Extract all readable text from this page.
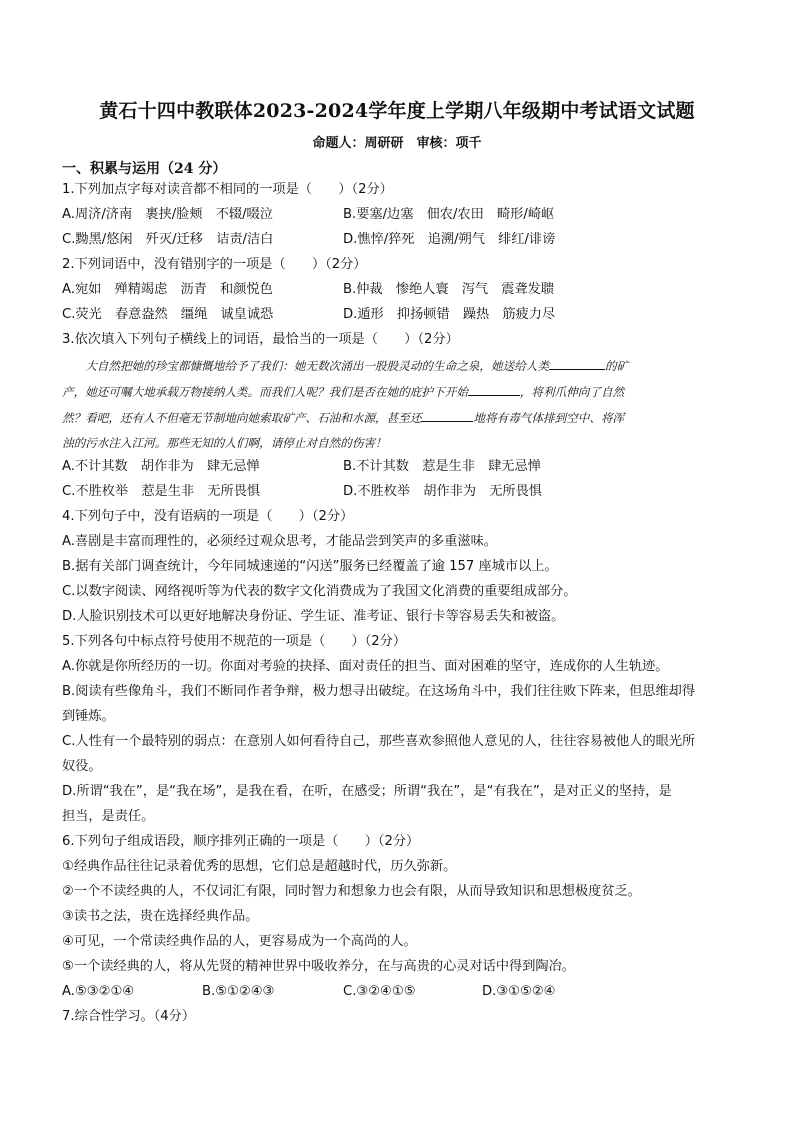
黄石十四中教联体2023-2024学年度上学期八年级期中考试语文试题
命题人：周研研　审核：项千
一、积累与运用（24 分）
1.下列加点字每对读音都不相同的一项是（　　）（2分）
A.周济/济南　裹挟/脸颊　不辍/啜泣	B.要塞/边塞　佃农/农田　畸形/崎岖
C.黝黑/悠闲　歼灭/迁移　诘责/洁白	D.憔悴/猝死　追溯/朔气　绯红/诽谤
2.下列词语中，没有错别字的一项是（　　）（2分）
A.宛如　殚精竭虑　沥青　和颜悦色	B.仲裁　惨绝人寰　泻气　震聋发聩
C.荧光　春意盎然　缰绳　诚皇诚恐	D.遁形　抑扬顿错　躁热　筋疲力尽
3.依次填入下列句子横线上的词语，最恰当的一项是（　　）（2分）
　　大自然把她的珍宝都慷慨地给予了我们：她无数次涌出一股股灵动的生命之泉，她送给人类	的矿
产，她还可嘱大地承载万物接纳人类。而我们人呢？我们是否在她的庇护下开始	，将利爪伸向了自然
然？看吧，还有人不但毫无节制地向她索取矿产、石油和水源，甚至还	地将有毒气体排到空中、将浑
浊的污水注入江河。那些无知的人们啊，请停止对自然的伤害！
A.不计其数　胡作非为　肆无忌惮	B.不计其数　惹是生非　肆无忌惮
C.不胜枚举　惹是生非　无所畏惧	D.不胜枚举　胡作非为　无所畏惧
4.下列句子中，没有语病的一项是（　　）（2分）
A.喜剧是丰富而理性的，必须经过观众思考，才能品尝到笑声的多重滋味。
B.据有关部门调查统计，今年同城速递的“闪送”服务已经覆盖了逾 157 座城市以上。
C.以数字阅读、网络视听等为代表的数字文化消费成为了我国文化消费的重要组成部分。
D.人脸识别技术可以更好地解决身份证、学生证、准考证、银行卡等容易丢失和被盗。
5.下列各句中标点符号使用不规范的一项是（　　）（2分）
A.你就是你所经历的一切。你面对考验的抉择、面对责任的担当、面对困难的坚守，连成你的人生轨迹。
B.阅读有些像角斗，我们不断同作者争辩，极力想寻出破绽。在这场角斗中，我们往往败下阵来，但思维却得
到锤炼。
C.人性有一个最特别的弱点：在意别人如何看待自己，那些喜欢参照他人意见的人，往往容易被他人的眼光所
奴役。
D.所谓“我在”，是“我在场”，是我在看，在听，在感受；所谓“我在”，是“有我在”，是对正义的坚持，是
担当，是责任。
6.下列句子组成语段，顺序排列正确的一项是（　　）（2分）
①经典作品往往记录着优秀的思想，它们总是超越时代，历久弥新。
②一个不读经典的人，不仅词汇有限，同时智力和想象力也会有限，从而导致知识和思想极度贫乏。
③读书之法，贵在选择经典作品。
④可见，一个常读经典作品的人，更容易成为一个高尚的人。
⑤一个读经典的人，将从先贤的精神世界中吸收养分，在与高贵的心灵对话中得到陶冶。
A.⑤③②①④	B.⑤①②④③	C.③②④①⑤	D.③①⑤②④
7.综合性学习。（4分）
